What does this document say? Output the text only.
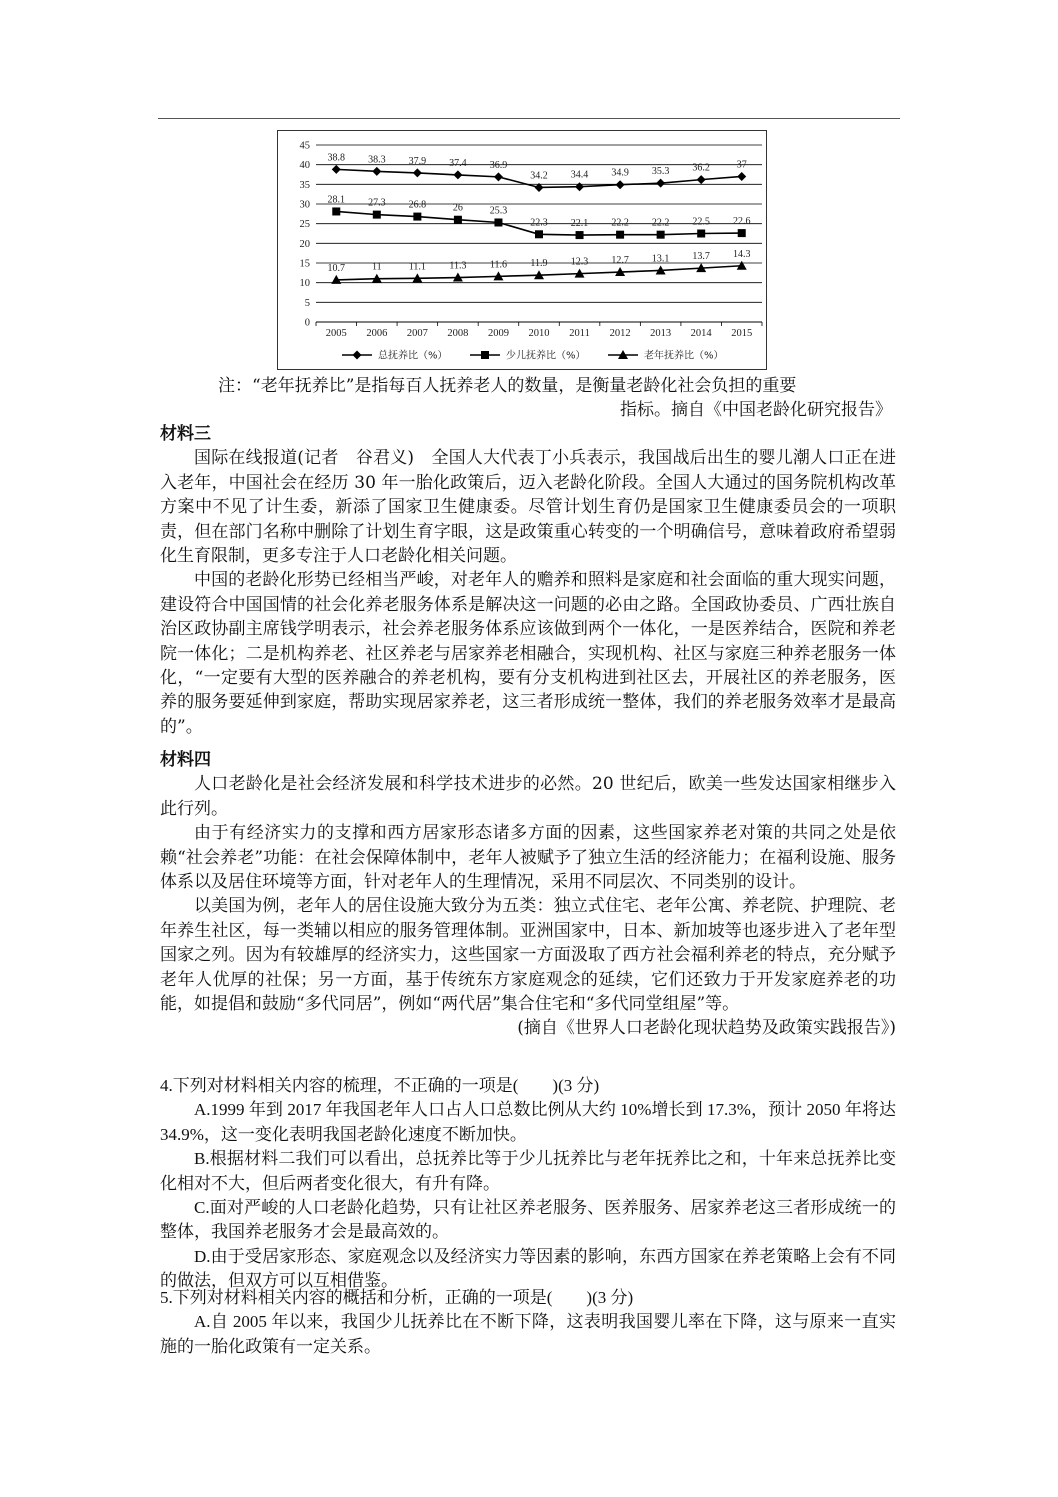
0
5
10
15
20
25
30
35
40
45
2005 2006 2007 2008 2009 2010 2011 2012 2013 2014 2015
38.8 38.3 37.9 37.4 36.9
34.2 34.4 34.9 35.3 36.2	37
28.1 27.3 26.8	26	25.3
22.3 22.1 22.2 22.2 22.5 22.6
10.7	11	11.1 11.3 11.6 11.9 12.3 12.7 13.1 13.7 14.3
总抚养比（%）	少儿抚养比（%）	老年抚养比（%）
注：“老年抚养比”是指每百人抚养老人的数量，是衡量老龄化社会负担的重要
指标。摘自《中国老龄化研究报告》

材料三

国际在线报道(记者　谷君义)　全国人大代表丁小兵表示，我国战后出生的婴儿潮人口正在进入老年，中国社会在经历 30 年一胎化政策后，迈入老龄化阶段。全国人大通过的国务院机构改革方案中不见了计生委，新添了国家卫生健康委。尽管计划生育仍是国家卫生健康委员会的一项职责，但在部门名称中删除了计划生育字眼，这是政策重心转变的一个明确信号，意味着政府希望弱化生育限制，更多专注于人口老龄化相关问题。

中国的老龄化形势已经相当严峻，对老年人的赡养和照料是家庭和社会面临的重大现实问题，建设符合中国国情的社会化养老服务体系是解决这一问题的必由之路。全国政协委员、广西壮族自治区政协副主席钱学明表示，社会养老服务体系应该做到两个一体化，一是医养结合，医院和养老院一体化；二是机构养老、社区养老与居家养老相融合，实现机构、社区与家庭三种养老服务一体化，“一定要有大型的医养融合的养老机构，要有分支机构进到社区去，开展社区的养老服务，医养的服务要延伸到家庭，帮助实现居家养老，这三者形成统一整体，我们的养老服务效率才是最高的”。

材料四

人口老龄化是社会经济发展和科学技术进步的必然。20 世纪后，欧美一些发达国家相继步入此行列。

由于有经济实力的支撑和西方居家形态诸多方面的因素，这些国家养老对策的共同之处是依赖“社会养老”功能：在社会保障体制中，老年人被赋予了独立生活的经济能力；在福利设施、服务体系以及居住环境等方面，针对老年人的生理情况，采用不同层次、不同类别的设计。

以美国为例，老年人的居住设施大致分为五类：独立式住宅、老年公寓、养老院、护理院、老年养生社区，每一类辅以相应的服务管理体制。亚洲国家中，日本、新加坡等也逐步进入了老年型国家之列。因为有较雄厚的经济实力，这些国家一方面汲取了西方社会福利养老的特点，充分赋予老年人优厚的社保；另一方面，基于传统东方家庭观念的延续，它们还致力于开发家庭养老的功能，如提倡和鼓励“多代同居”，例如“两代居”集合住宅和“多代同堂组屋”等。

(摘自《世界人口老龄化现状趋势及政策实践报告》)

4.下列对材料相关内容的梳理，不正确的一项是(　　)(3 分)

A.1999 年到 2017 年我国老年人口占人口总数比例从大约 10%增长到 17.3%，预计 2050 年将达 34.9%，这一变化表明我国老龄化速度不断加快。

B.根据材料二我们可以看出，总抚养比等于少儿抚养比与老年抚养比之和，十年来总抚养比变化相对不大，但后两者变化很大，有升有降。

C.面对严峻的人口老龄化趋势，只有让社区养老服务、医养服务、居家养老这三者形成统一的整体，我国养老服务才会是最高效的。

D.由于受居家形态、家庭观念以及经济实力等因素的影响，东西方国家在养老策略上会有不同的做法，但双方可以互相借鉴。

5.下列对材料相关内容的概括和分析，正确的一项是(　　)(3 分)

A.自 2005 年以来，我国少儿抚养比在不断下降，这表明我国婴儿率在下降，这与原来一直实施的一胎化政策有一定关系。
